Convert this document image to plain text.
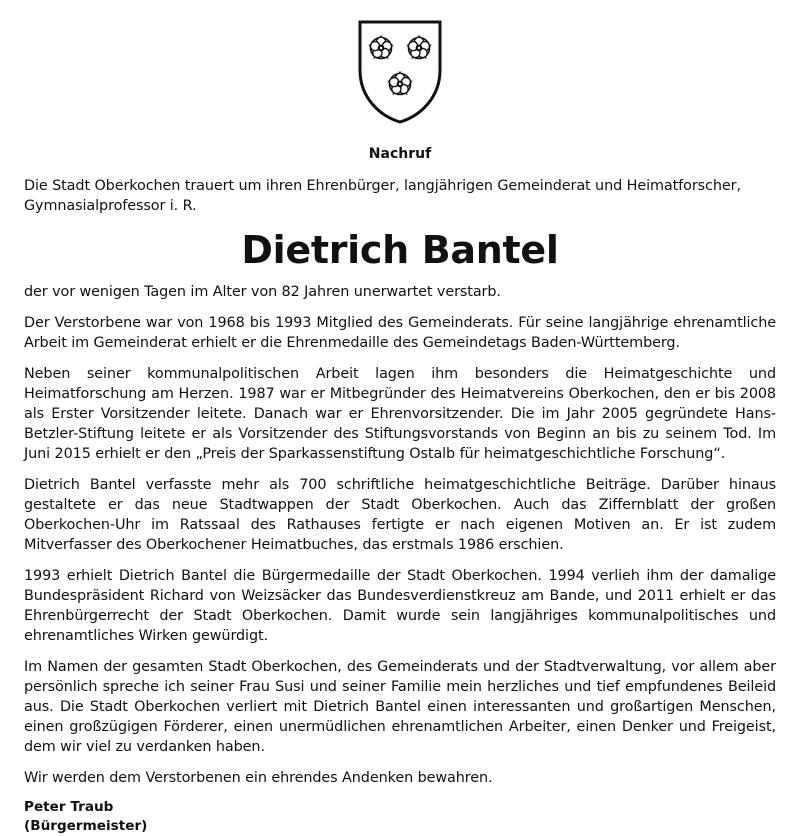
Nachruf

Die Stadt Oberkochen trauert um ihren Ehrenbürger, langjährigen Gemeinderat und Heimatforscher, Gymnasialprofessor i. R.

Dietrich Bantel

der vor wenigen Tagen im Alter von 82 Jahren unerwartet verstarb.

Der Verstorbene war von 1968 bis 1993 Mitglied des Gemeinderats. Für seine langjährige ehrenamtliche Arbeit im Gemeinderat erhielt er die Ehrenmedaille des Gemeindetags Baden-Württemberg.

Neben seiner kommunalpolitischen Arbeit lagen ihm besonders die Heimatgeschichte und Heimatforschung am Herzen. 1987 war er Mitbegründer des Heimatvereins Oberkochen, den er bis 2008 als Erster Vorsitzender leitete. Danach war er Ehrenvorsitzender. Die im Jahr 2005 gegründete Hans-Betzler-Stiftung leitete er als Vorsitzender des Stiftungsvorstands von Beginn an bis zu seinem Tod. Im Juni 2015 erhielt er den „Preis der Sparkassenstiftung Ostalb für heimatgeschichtliche Forschung“.

Dietrich Bantel verfasste mehr als 700 schriftliche heimatgeschichtliche Beiträge. Darüber hinaus gestaltete er das neue Stadtwappen der Stadt Oberkochen. Auch das Ziffernblatt der großen Oberkochen-Uhr im Ratssaal des Rathauses fertigte er nach eigenen Motiven an. Er ist zudem Mitverfasser des Oberkochener Heimatbuches, das erstmals 1986 erschien.

1993 erhielt Dietrich Bantel die Bürgermedaille der Stadt Oberkochen. 1994 verlieh ihm der damalige Bundespräsident Richard von Weizsäcker das Bundesverdienstkreuz am Bande, und 2011 erhielt er das Ehrenbürgerrecht der Stadt Oberkochen. Damit wurde sein langjähriges kommunalpolitisches und ehrenamtliches Wirken gewürdigt.

Im Namen der gesamten Stadt Oberkochen, des Gemeinderats und der Stadtverwaltung, vor allem aber persönlich spreche ich seiner Frau Susi und seiner Familie mein herzliches und tief empfundenes Beileid aus. Die Stadt Oberkochen verliert mit Dietrich Bantel einen interessanten und großartigen Menschen, einen großzügigen Förderer, einen unermüdlichen ehrenamtlichen Arbeiter, einen Denker und Freigeist, dem wir viel zu verdanken haben.

Wir werden dem Verstorbenen ein ehrendes Andenken bewahren.

Peter Traub
(Bürgermeister)
